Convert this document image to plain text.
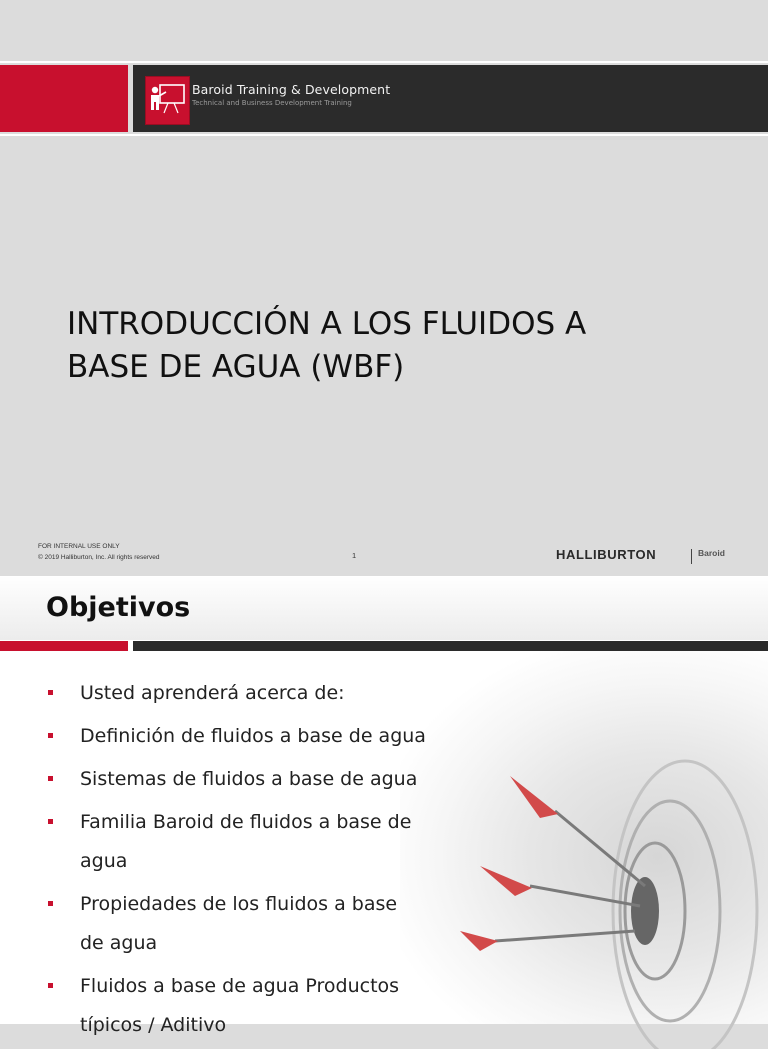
Baroid Training & Development
Technical and Business Development Training
INTRODUCCIÓN A LOS FLUIDOS A
BASE DE AGUA (WBF)
FOR INTERNAL USE ONLY
© 2019 Halliburton, Inc. All rights reserved	1	HALLIBURTON	Baroid
Objetivos
Usted aprenderá acerca de:
Definición de fluidos a base de agua
Sistemas de fluidos a base de agua
Familia Baroid de fluidos a base de agua
Propiedades de los fluidos a base de agua
Fluidos a base de agua Productos típicos / Aditivo
